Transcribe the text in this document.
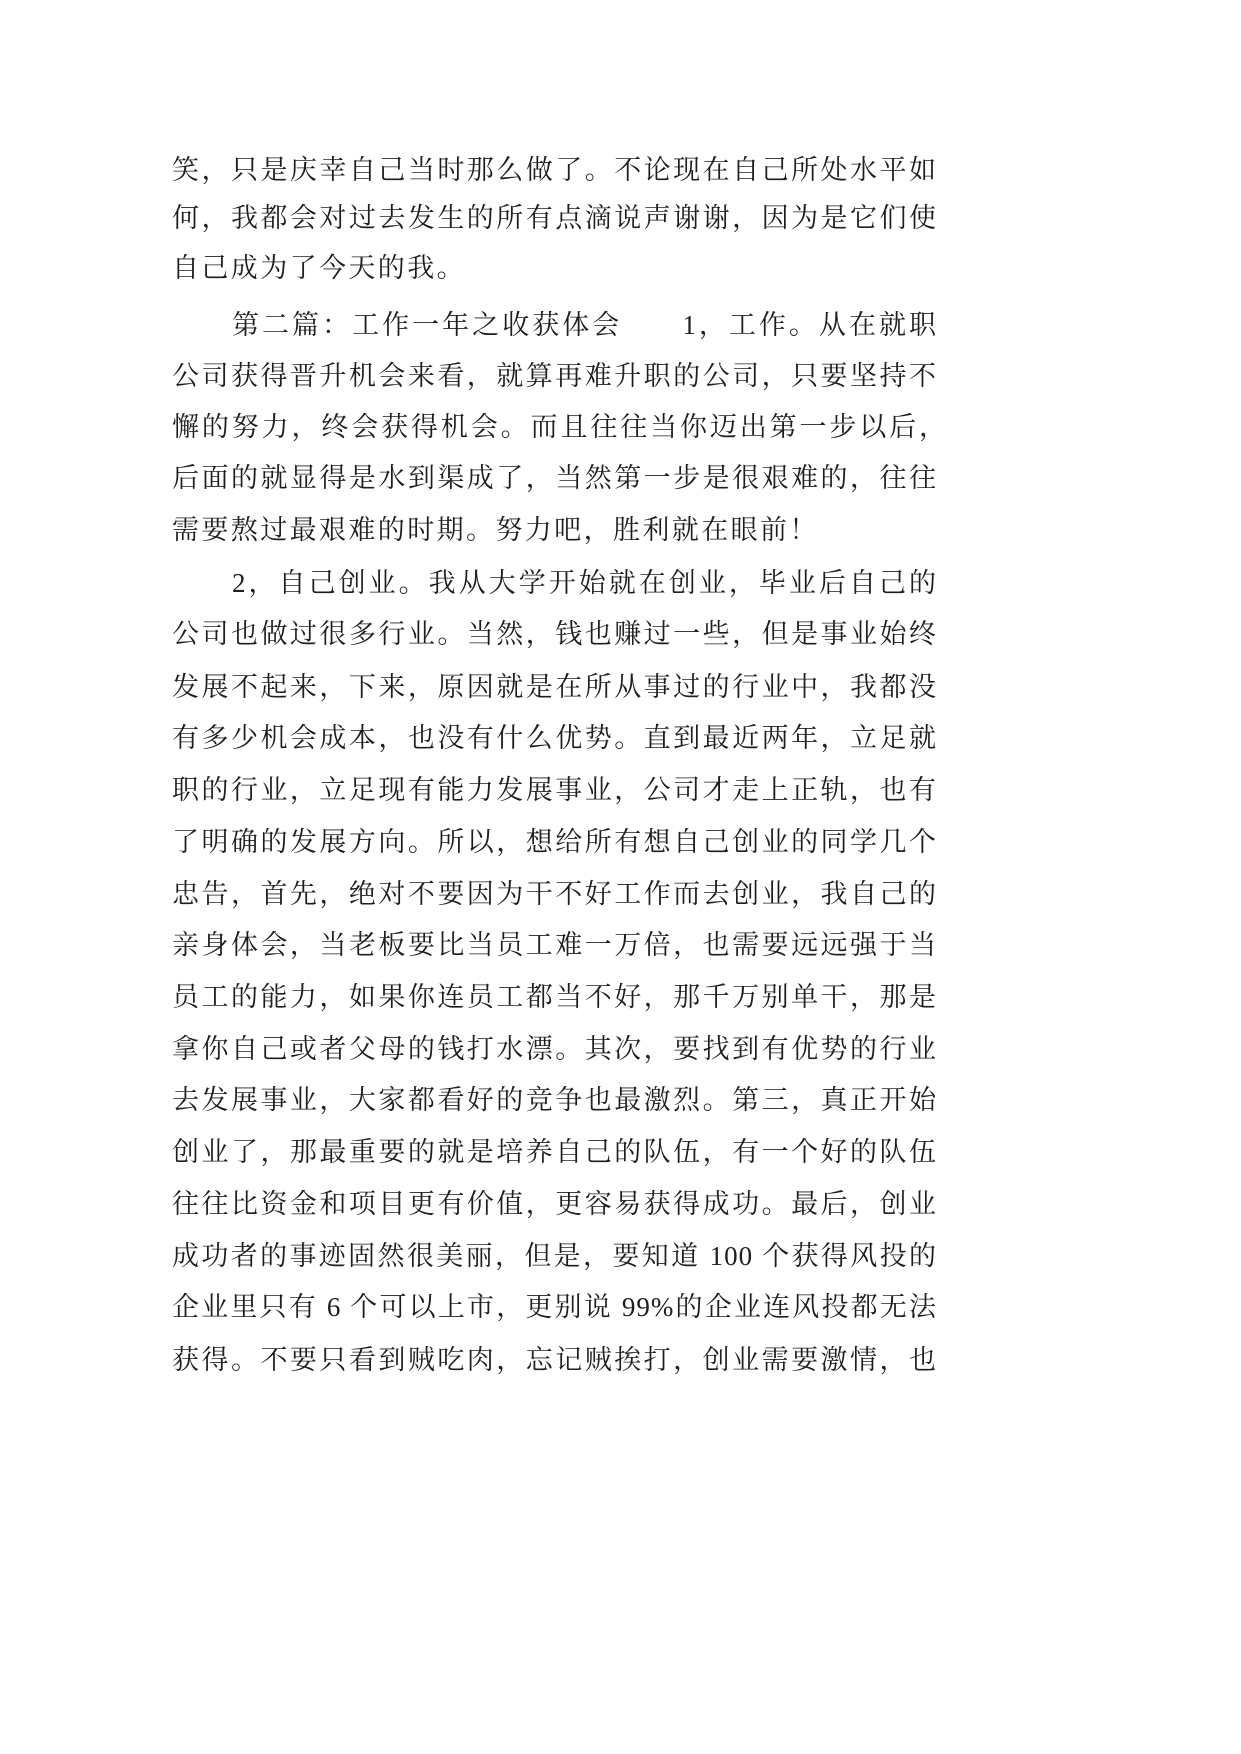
笑，只是庆幸自己当时那么做了。不论现在自己所处水平如
何，我都会对过去发生的所有点滴说声谢谢，因为是它们使
自己成为了今天的我。
第二篇：工作一年之收获体会　　1，工作。从在就职
公司获得晋升机会来看，就算再难升职的公司，只要坚持不
懈的努力，终会获得机会。而且往往当你迈出第一步以后，
后面的就显得是水到渠成了，当然第一步是很艰难的，往往
需要熬过最艰难的时期。努力吧，胜利就在眼前！
2，自己创业。我从大学开始就在创业，毕业后自己的
公司也做过很多行业。当然，钱也赚过一些，但是事业始终
发展不起来，下来，原因就是在所从事过的行业中，我都没
有多少机会成本，也没有什么优势。直到最近两年，立足就
职的行业，立足现有能力发展事业，公司才走上正轨，也有
了明确的发展方向。所以，想给所有想自己创业的同学几个
忠告，首先，绝对不要因为干不好工作而去创业，我自己的
亲身体会，当老板要比当员工难一万倍，也需要远远强于当
员工的能力，如果你连员工都当不好，那千万别单干，那是
拿你自己或者父母的钱打水漂。其次，要找到有优势的行业
去发展事业，大家都看好的竞争也最激烈。第三，真正开始
创业了，那最重要的就是培养自己的队伍，有一个好的队伍
往往比资金和项目更有价值，更容易获得成功。最后，创业
成功者的事迹固然很美丽，但是，要知道 100 个获得风投的
企业里只有 6 个可以上市，更别说 99%的企业连风投都无法
获得。不要只看到贼吃肉，忘记贼挨打，创业需要激情，也
